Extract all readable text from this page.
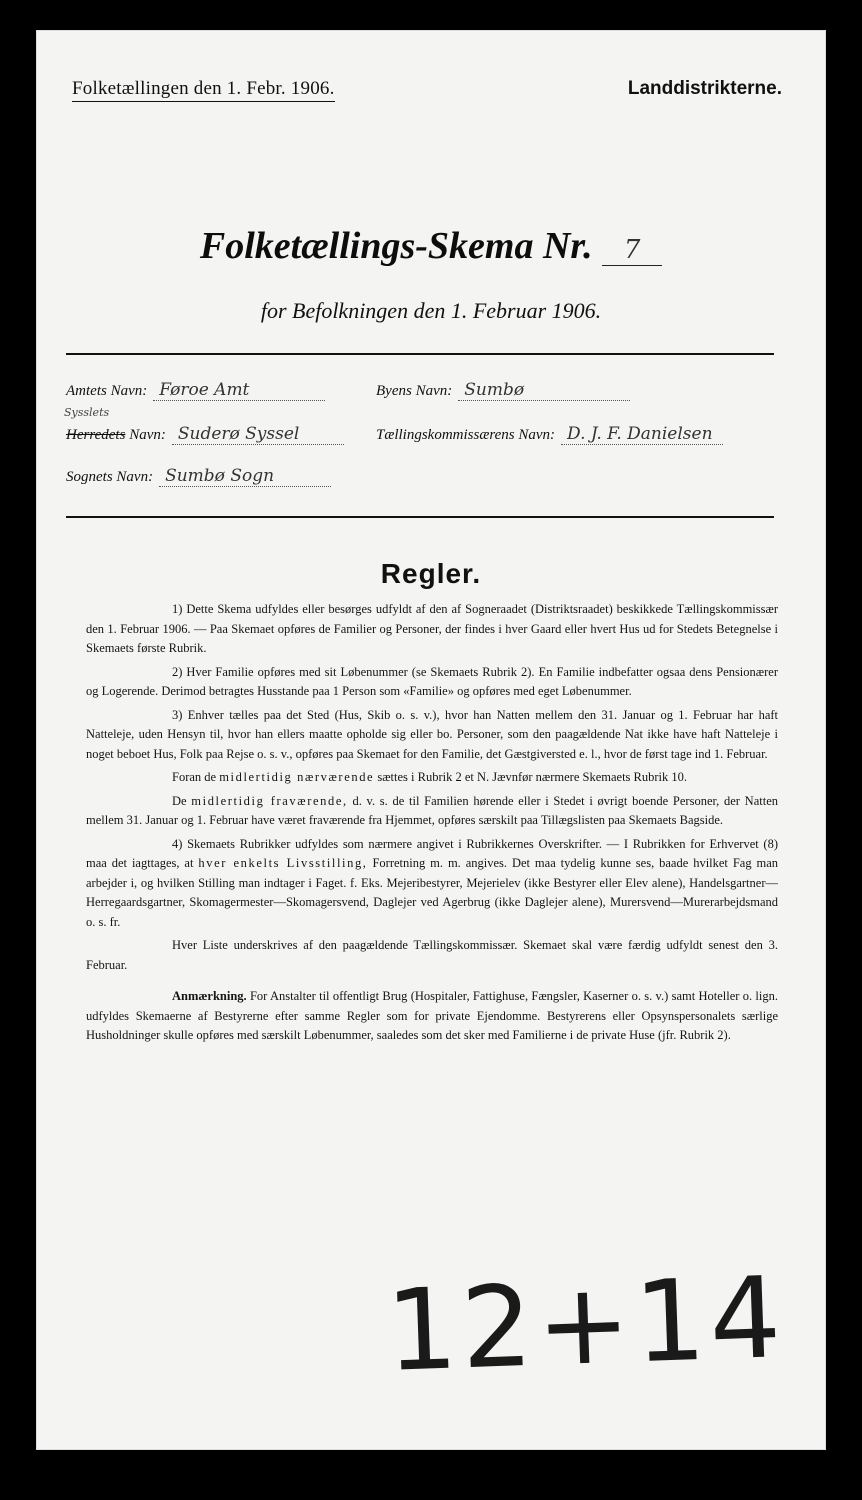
Folketællingen den 1. Febr. 1906.	Landdistrikterne.
Folketællings-Skema Nr. 7
for Befolkningen den 1. Februar 1906.
Amtets Navn: Føroe Amt	Byens Navn: Sumbø
Sysslets
Herredets
Navn: Suderø Syssel	Tællingskommissærens Navn: D. J. F. Danielsen
Sognets Navn: Sumbø Sogn
Regler.

1) Dette Skema udfyldes eller besørges udfyldt af den af Sogneraadet (Distriktsraadet) beskikkede Tællingskommissær den 1. Februar 1906. — Paa Skemaet opføres de Familier og Personer, der findes i hver Gaard eller hvert Hus ud for Stedets Betegnelse i Skemaets første Rubrik.

2) Hver Familie opføres med sit Løbenummer (se Skemaets Rubrik 2). En Familie indbefatter ogsaa dens Pensionærer og Logerende. Derimod betragtes Husstande paa 1 Person som «Familie» og opføres med eget Løbenummer.

3) Enhver tælles paa det Sted (Hus, Skib o. s. v.), hvor han Natten mellem den 31. Januar og 1. Februar har haft Natteleje, uden Hensyn til, hvor han ellers maatte opholde sig eller bo. Personer, som den paagældende Nat ikke have haft Natteleje i noget beboet Hus, Folk paa Rejse o. s. v., opføres paa Skemaet for den Familie, det Gæstgiversted e. l., hvor de først tage ind 1. Februar.

Foran de midlertidig nærværende sættes i Rubrik 2 et N. Jævnfør nærmere Skemaets Rubrik 10.

De midlertidig fraværende, d. v. s. de til Familien hørende eller i Stedet i øvrigt boende Personer, der Natten mellem 31. Januar og 1. Februar have været fraværende fra Hjemmet, opføres særskilt paa Tillægslisten paa Skemaets Bagside.

4) Skemaets Rubrikker udfyldes som nærmere angivet i Rubrikkernes Overskrifter. — I Rubrikken for Erhvervet (8) maa det iagttages, at hver enkelts Livsstilling, Forretning m. m. angives. Det maa tydelig kunne ses, baade hvilket Fag man arbejder i, og hvilken Stilling man indtager i Faget. f. Eks. Mejeribestyrer, Mejerielev (ikke Bestyrer eller Elev alene), Handelsgartner—Herregaardsgartner, Skomagermester—Skomagersvend, Daglejer ved Agerbrug (ikke Daglejer alene), Murersvend—Murerarbejdsmand o. s. fr.

Hver Liste underskrives af den paagældende Tællingskommissær. Skemaet skal være færdig udfyldt senest den 3. Februar.

Anmærkning. For Anstalter til offentligt Brug (Hospitaler, Fattighuse, Fængsler, Kaserner o. s. v.) samt Hoteller o. lign. udfyldes Skemaerne af Bestyrerne efter samme Regler som for private Ejendomme. Bestyrerens eller Opsynspersonalets særlige Husholdninger skulle opføres med særskilt Løbenummer, saaledes som det sker med Familierne i de private Huse (jfr. Rubrik 2).

12+14
